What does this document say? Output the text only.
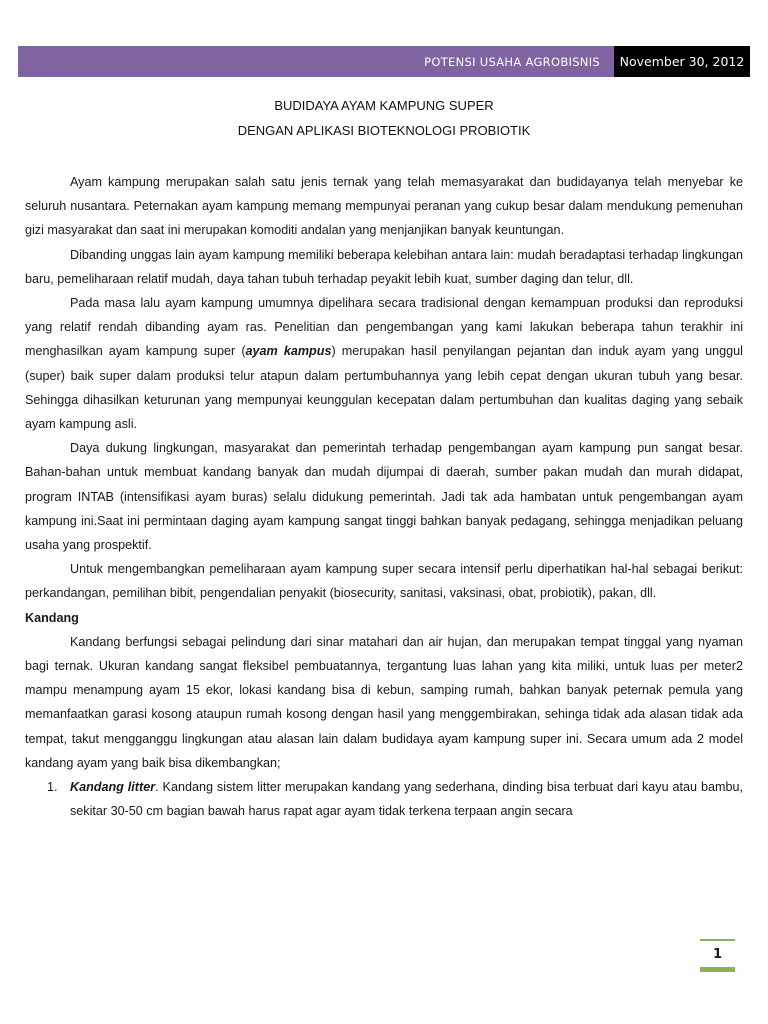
POTENSI USAHA AGROBISNIS	November 30, 2012
BUDIDAYA AYAM KAMPUNG SUPER
DENGAN APLIKASI BIOTEKNOLOGI PROBIOTIK

Ayam kampung merupakan salah satu jenis ternak yang telah memasyarakat dan budidayanya telah menyebar ke seluruh nusantara. Peternakan ayam kampung memang mempunyai peranan yang cukup besar dalam mendukung pemenuhan gizi masyarakat dan saat ini merupakan komoditi andalan yang menjanjikan banyak keuntungan.

Dibanding unggas lain ayam kampung memiliki beberapa kelebihan antara lain: mudah beradaptasi terhadap lingkungan baru, pemeliharaan relatif mudah, daya tahan tubuh terhadap peyakit lebih kuat, sumber daging dan telur, dll.

Pada masa lalu ayam kampung umumnya dipelihara secara tradisional dengan kemampuan produksi dan reproduksi yang relatif rendah dibanding ayam ras. Penelitian dan pengembangan yang kami lakukan beberapa tahun terakhir ini menghasilkan ayam kampung super (ayam kampus) merupakan hasil penyilangan pejantan dan induk ayam yang unggul (super) baik super dalam produksi telur atapun dalam pertumbuhannya yang lebih cepat dengan ukuran tubuh yang besar. Sehingga dihasilkan keturunan yang mempunyai keunggulan kecepatan dalam pertumbuhan dan kualitas daging yang sebaik ayam kampung asli.

Daya dukung lingkungan, masyarakat dan pemerintah terhadap pengembangan ayam kampung pun sangat besar. Bahan-bahan untuk membuat kandang banyak dan mudah dijumpai di daerah, sumber pakan mudah dan murah didapat, program INTAB (intensifikasi ayam buras) selalu didukung pemerintah. Jadi tak ada hambatan untuk pengembangan ayam kampung ini.Saat ini permintaan daging ayam kampung sangat tinggi bahkan banyak pedagang, sehingga menjadikan peluang usaha yang prospektif.

Untuk mengembangkan pemeliharaan ayam kampung super secara intensif perlu diperhatikan hal-hal sebagai berikut: perkandangan, pemilihan bibit, pengendalian penyakit (biosecurity, sanitasi, vaksinasi, obat, probiotik), pakan, dll.

Kandang

Kandang berfungsi sebagai pelindung dari sinar matahari dan air hujan, dan merupakan tempat tinggal yang nyaman bagi ternak. Ukuran kandang sangat fleksibel pembuatannya, tergantung luas lahan yang kita miliki, untuk luas per meter2 mampu menampung ayam 15 ekor, lokasi kandang bisa di kebun, samping rumah, bahkan banyak peternak pemula yang memanfaatkan garasi kosong ataupun rumah kosong dengan hasil yang menggembirakan, sehinga tidak ada alasan tidak ada tempat, takut mengganggu lingkungan atau alasan lain dalam budidaya ayam kampung super ini. Secara umum ada 2 model kandang ayam yang baik bisa dikembangkan;

1. Kandang litter. Kandang sistem litter merupakan kandang yang sederhana, dinding bisa terbuat dari kayu atau bambu, sekitar 30-50 cm bagian bawah harus rapat agar ayam tidak terkena terpaan angin secara
1
